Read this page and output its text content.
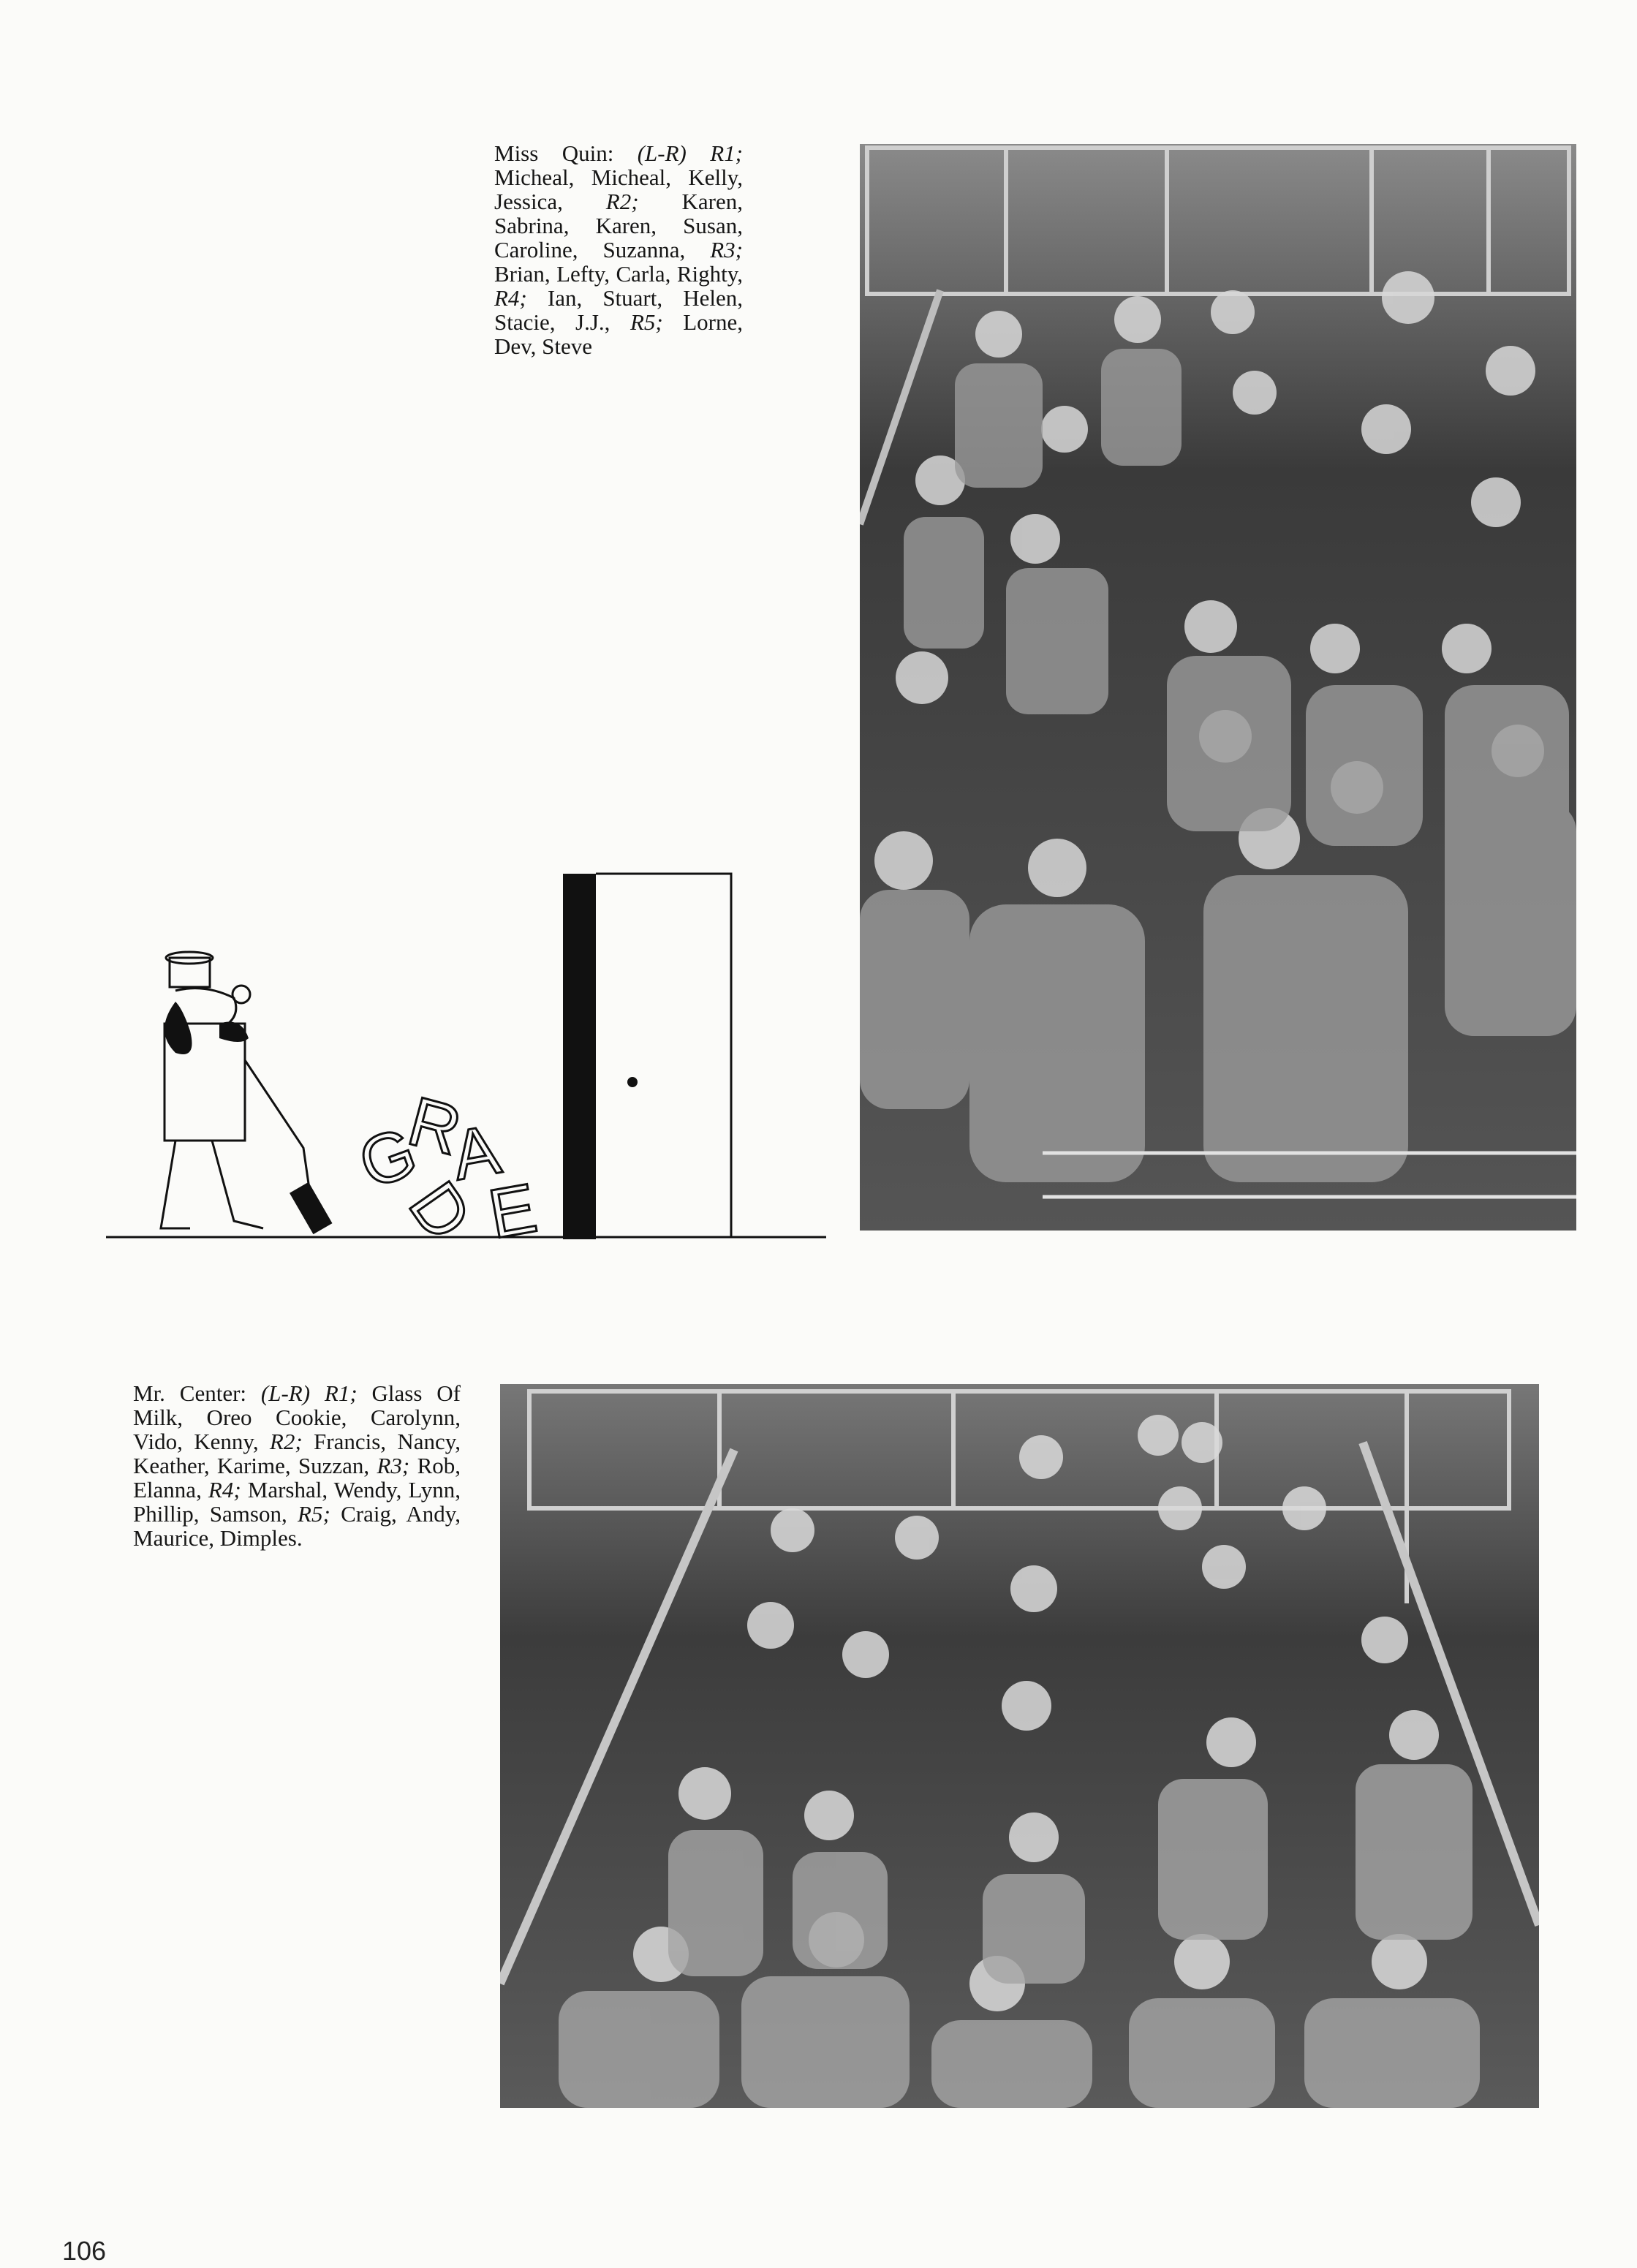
Miss Quin: (L-R) R1; Micheal, Micheal, Kelly, Jessica, R2; Karen, Sabrina, Karen, Susan, Caroline, Suzanna, R3; Brian, Lefty, Carla, Righty, R4; Ian, Stuart, Helen, Stacie, J.J., R5; Lorne, Dev, Steve

G
R
A
D
E

Mr. Center: (L-R) R1; Glass Of Milk, Oreo Cookie, Carolynn, Vido, Kenny, R2; Francis, Nancy, Keather, Karime, Suzzan, R3; Rob, Elanna, R4; Marshal, Wendy, Lynn, Phillip, Samson, R5; Craig, Andy, Maurice, Dimples.

106
